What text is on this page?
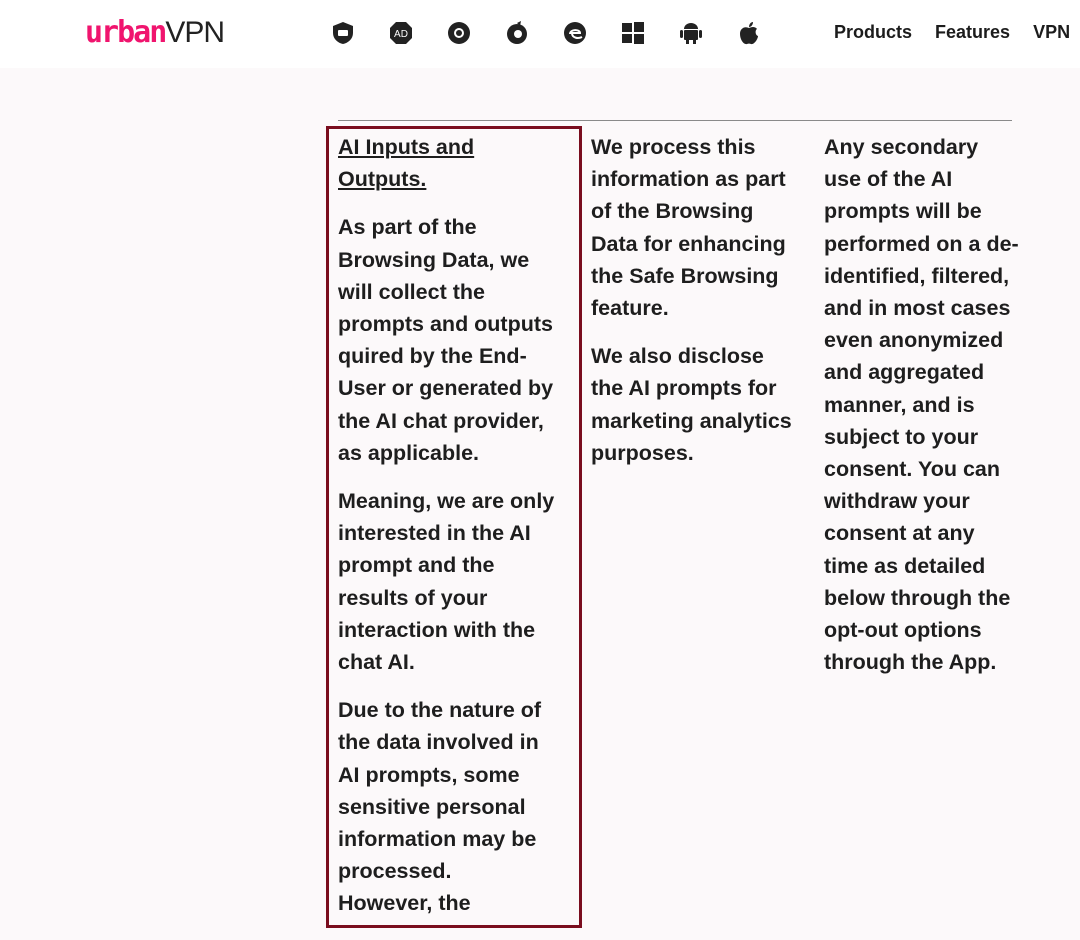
urbanVPN	AD	Products Features VPN

AI Inputs and Outputs.

As part of the Browsing Data, we will collect the prompts and outputs quired by the End-User or generated by the AI chat provider, as applicable.

Meaning, we are only interested in the AI prompt and the results of your interaction with the chat AI.

Due to the nature of the data involved in AI prompts, some sensitive personal information may be processed.

However, the

We process this information as part of the Browsing Data for enhancing the Safe Browsing feature.

We also disclose the AI prompts for marketing analytics purposes.

Any secondary use of the AI prompts will be performed on a de-identified, filtered, and in most cases even anonymized and aggregated manner, and is subject to your consent. You can withdraw your consent at any time as detailed below through the opt-out options through the App.
